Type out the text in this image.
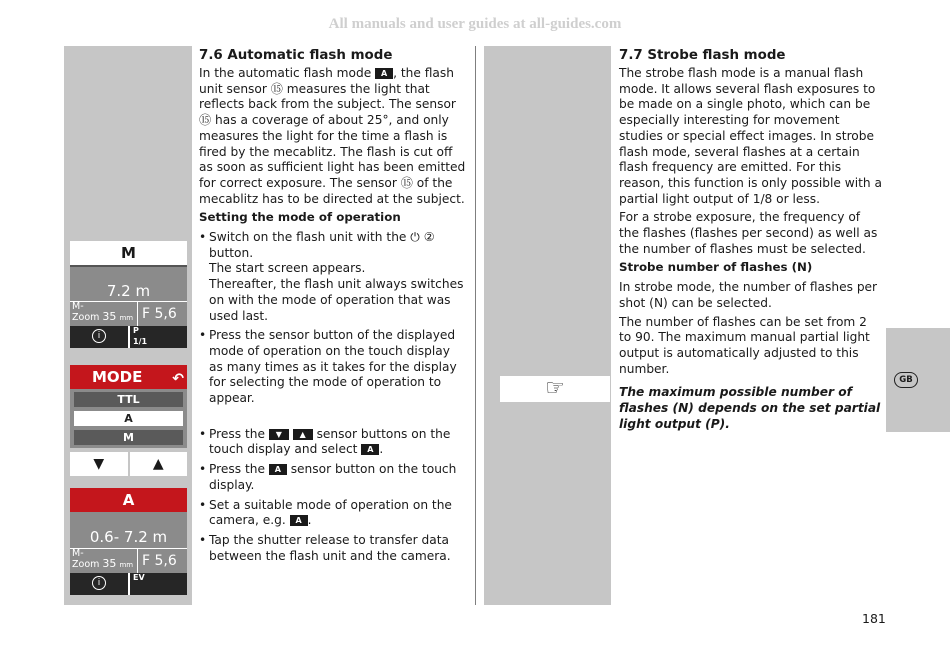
All manuals and user guides at all-guides.com
M
7.2 m
M-
Zoom 35 mm F 5,6
i
P
1/1
MODE ↶
TTL
A
M
▼	▲
A
0.6- 7.2 m
M-
Zoom 35 mm F 5,6
i
EV
7.6 Automatic flash mode

In the automatic flash mode A , the flash unit sensor ⑮ measures the light that reflects back from the subject. The sensor ⑮ has a coverage of about 25°, and only measures the light for the time a flash is fired by the mecablitz. The flash is cut off as soon as sufficient light has been emitted for correct exposure. The sensor ⑮ of the mecablitz has to be directed at the subject.

Setting the mode of operation

• Switch on the flash unit with the ⏻ ② button.
The start screen appears.
Thereafter, the flash unit always switches on with the mode of operation that was used last.
• Press the sensor button of the displayed mode of operation on the touch display as many times as it takes for the display for selecting the mode of operation to appear.
• Press the ▼ ▲ sensor buttons on the touch display and select A .
• Press the A sensor button on the touch display.
• Set a suitable mode of operation on the camera, e.g. A .
• Tap the shutter release to transfer data between the flash unit and the camera.
☞
7.7 Strobe flash mode

The strobe flash mode is a manual flash mode. It allows several flash exposures to be made on a single photo, which can be especially interesting for movement studies or special effect images. In strobe flash mode, several flashes at a certain flash frequency are emitted. For this reason, this function is only possible with a partial light output of 1/8 or less.

For a strobe exposure, the frequency of the flashes (flashes per second) as well as the number of flashes must be selected.

Strobe number of flashes (N)

In strobe mode, the number of flashes per shot (N) can be selected.

The number of flashes can be set from 2 to 90. The maximum manual partial light output is automatically adjusted to this number.

The maximum possible number of flashes (N) depends on the set partial light output (P).

GB
181
